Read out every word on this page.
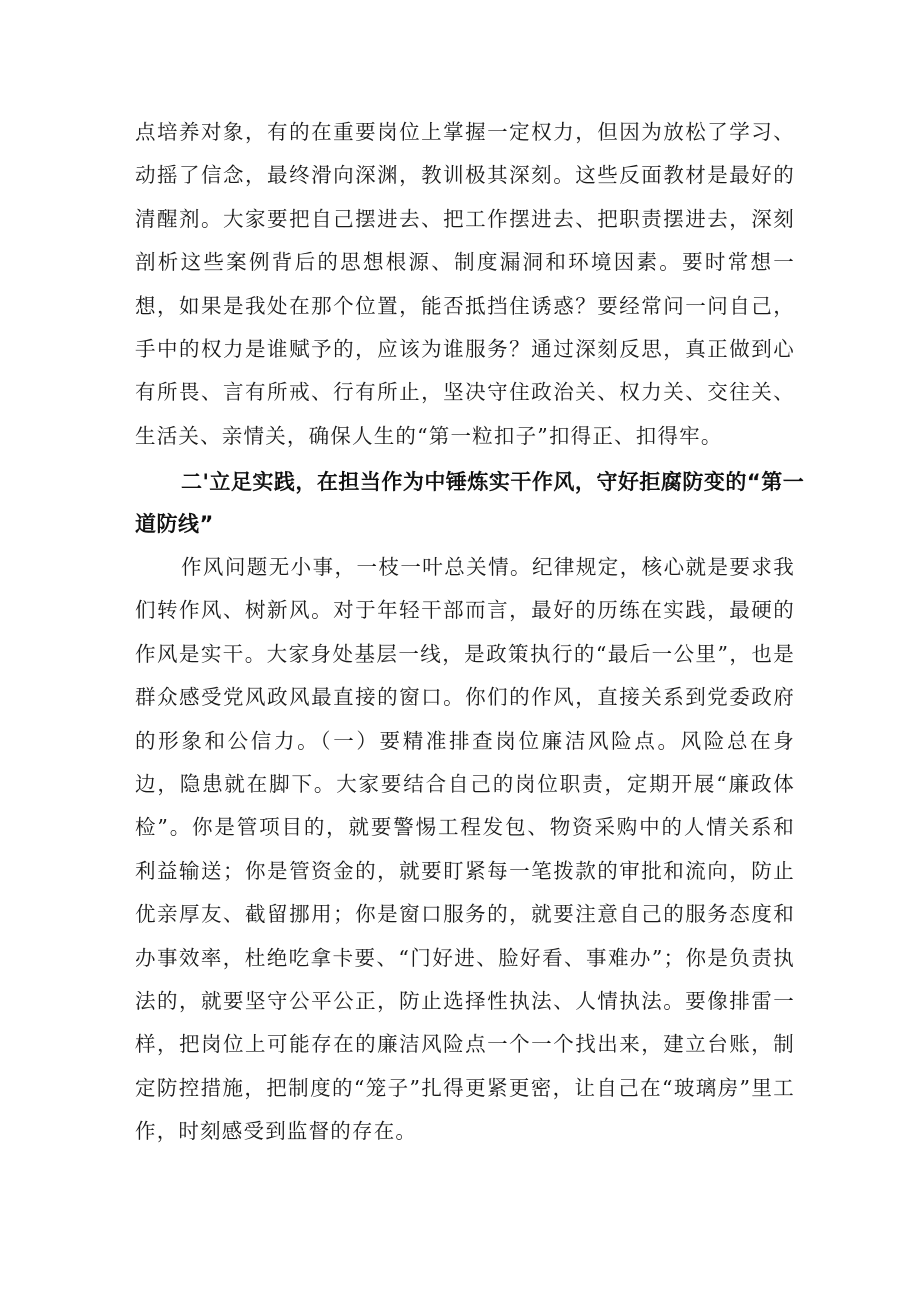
点培养对象，有的在重要岗位上掌握一定权力，但因为放松了学习、动摇了信念，最终滑向深渊，教训极其深刻。这些反面教材是最好的清醒剂。大家要把自己摆进去、把工作摆进去、把职责摆进去，深刻剖析这些案例背后的思想根源、制度漏洞和环境因素。要时常想一想，如果是我处在那个位置，能否抵挡住诱惑？要经常问一问自己，手中的权力是谁赋予的，应该为谁服务？通过深刻反思，真正做到心有所畏、言有所戒、行有所止，坚决守住政治关、权力关、交往关、生活关、亲情关，确保人生的“第一粒扣子”扣得正、扣得牢。

二'立足实践，在担当作为中锤炼实干作风，守好拒腐防变的“第一道防线”

作风问题无小事，一枝一叶总关情。纪律规定，核心就是要求我们转作风、树新风。对于年轻干部而言，最好的历练在实践，最硬的作风是实干。大家身处基层一线，是政策执行的“最后一公里”，也是群众感受党风政风最直接的窗口。你们的作风，直接关系到党委政府的形象和公信力。（一）要精准排查岗位廉洁风险点。风险总在身边，隐患就在脚下。大家要结合自己的岗位职责，定期开展“廉政体检”。你是管项目的，就要警惕工程发包、物资采购中的人情关系和利益输送；你是管资金的，就要盯紧每一笔拨款的审批和流向，防止优亲厚友、截留挪用；你是窗口服务的，就要注意自己的服务态度和办事效率，杜绝吃拿卡要、“门好进、脸好看、事难办”；你是负责执法的，就要坚守公平公正，防止选择性执法、人情执法。要像排雷一样，把岗位上可能存在的廉洁风险点一个一个找出来，建立台账，制定防控措施，把制度的“笼子”扎得更紧更密，让自己在“玻璃房”里工作，时刻感受到监督的存在。
